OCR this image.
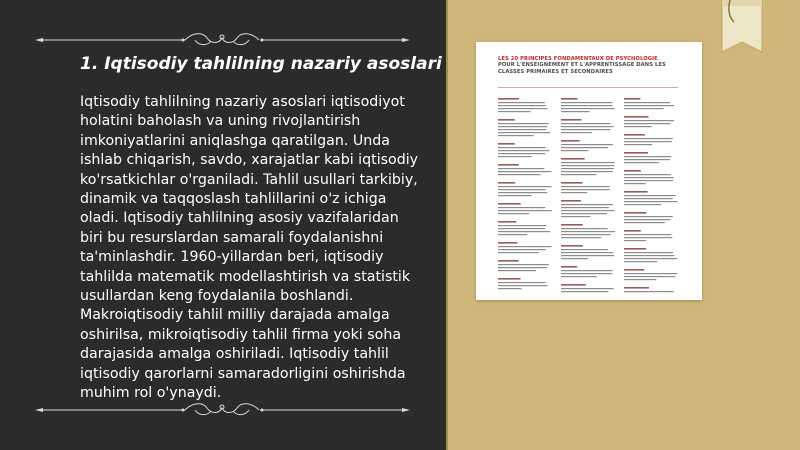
1. Iqtisodiy tahlilning nazariy asoslari

Iqtisodiy tahlilning nazariy asoslari iqtisodiyot holatini baholash va uning rivojlantirish imkoniyatlarini aniqlashga qaratilgan. Unda ishlab chiqarish, savdo, xarajatlar kabi iqtisodiy ko'rsatkichlar o'rganiladi. Tahlil usullari tarkibiy, dinamik va taqqoslash tahlillarini o'z ichiga oladi. Iqtisodiy tahlilning asosiy vazifalaridan biri bu resurslardan samarali foydalanishni ta'minlashdir. 1960-yillardan beri, iqtisodiy tahlilda matematik modellashtirish va statistik usullardan keng foydalanila boshlandi. Makroiqtisodiy tahlil milliy darajada amalga oshirilsa, mikroiqtisodiy tahlil firma yoki soha darajasida amalga oshiriladi. Iqtisodiy tahlil iqtisodiy qarorlarni samaradorligini oshirishda muhim rol o'ynaydi.

LES 20 PRINCIPES FONDAMENTAUX DE PSYCHOLOGIE
POUR L'ENSEIGNEMENT ET L'APPRENTISSAGE DANS LES
CLASSES PRIMAIRES ET SECONDAIRES
